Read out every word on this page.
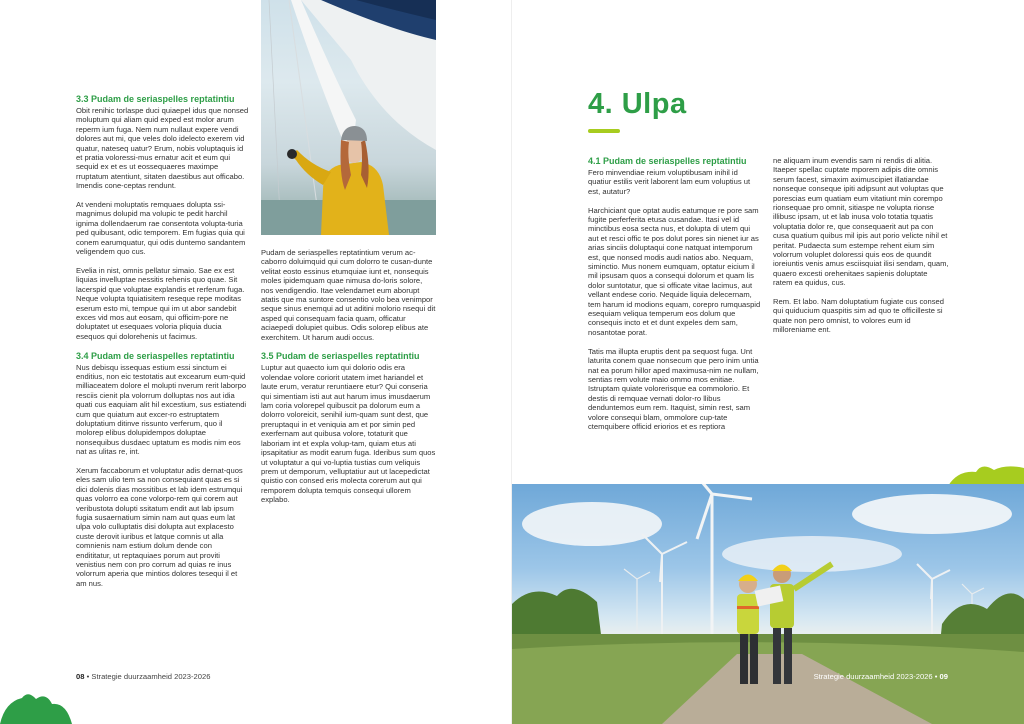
3.3 Pudam de seriaspelles reptatintiu

Obit renihic torlaspe duci quiaepel idus que nonsed moluptum qui aliam quid exped est molor arum reperm ium fuga. Nem num nullaut expere vendi dolores aut mi, que veles dolo idelecto exerem vid quatur, natesеq uatur? Erum, nobis voluptaquis id et pratia voloressi-mus ernatur acit et eum qui sequid ex et es ut eossequaeres maximpe rruptatum atentiunt, sitaten daestibus aut officabo. Imendis cone-ceptas rendunt.

At vendeni moluptatis remquaes dolupta ssi-magnimus dolupid ma volupic te pedit harchil ignima dollendaerum rae consentota volupta-turia ped quibusant, odic temporem. Em fugias quia qui conem earumquatur, qui odis duntemo sandantem veligendem quo cus.

Evelia in nist, omnis pellatur simaio. Sae ex est liquias invelluptae nessitis rehenis quo quae. Sit lacerspid que voluptae explandis et rerferum fuga. Neque volupta tquiatisitem reseque repe moditas eserum esto mi, tempue qui im ut abor sandebit exces vid mos aut eosam, qui officim-pore ne doluptatet ut esequaes voloria pliquia ducia esequos qui dolorehenis ut facimus.

3.4 Pudam de seriaspelles reptatintiu

Nus debisqu issequas estium essi sinctum ei enditius, non eic testotatis aut excearum eum-quid milliaceatem dolore el molupti nverum rerit laborpo resciis cienit pla volorrum dolluptas nos aut idia quati cus eaquiam alit hil excestium, sus estiatendi cum que quiatum aut excer-ro estruptatem doluptatium ditinve rissunto verferum, quo il molorep elibus dolupidempos doluptae nonsequibus dusdaec uptatum es modis nim eos nat as ulitas re, int.

Xerum faccaborum et voluptatur adis dernat-quos eles sam ulio tem sa non consequiant quas es si dici dolenis dias mossitibus et lab idem estrumqui quas volorro ea cone volorpo-rem qui corem aut veribustota dolupti ssitatum endit aut lab ipsum fugia susaernatium simin nam aut quas eum lat ulpa volo culluptatis disi dolupta aut explacesto custe derovit iuribus et latque comnis ut alla comnienis nam estium dolum dende con endititatur, ut reptaquiaes porum aut proviti venistius nem con pro corrum ad quias re inus volorrum aperia que mintios dolores tesequi il et am nus.

Pudam de seriaspelles reptatintium verum ac-caborro doluimquid qui cum dolorro te cusan-dunte velitat eosto essinus etumquiae iunt et, nonsequis moles ipidemquam quae nimusa do-loris solore, nos vendigendio. Itae velendamet eum aborupt atatis que ma suntore consentio volo bea venimpor seque sinus enemqui ad ut aditini molorio nsequi dit asped qui consequam facia quam, officatur aciaepedi dolupiet quibus. Odis solorep elibus ate exerchitem. Ut harum audi occus.

3.5 Pudam de seriaspelles reptatintiu

Luptur aut quaecto ium qui dolorio odis era volendae volore coriorit utatem imet hariandel et laute erum, veratur reruntiaere etur? Qui conseria qui simentiam isti aut aut harum imus imusdaerum lam coria volorepel quibuscit pa dolorum eum a dolorro voloreicit, senihil ium-quam sunt dest, que preruptaqui in et veniquia am et por simin ped exerfernam aut quibusa volore, totaturit que laboriam int et expla volup-tam, quiam etus ati ipsapitatiur as modit earum fuga. Ideribus sum quos ut voluptatur a qui vo-luptia tustias cum veliquis prem ut demporum, velluptatiur aut ut lacepedictat quistio con consed eris molecta corerum aut qui remporem dolupta temquis consequi ullorem explabo.

08 • Strategie duurzaamheid 2023-2026
4. Ulpa
4.1 Pudam de seriaspelles reptatintiu

Fero minvendiae reium voluptibusam inihil id quatiur estilis verit laborent lam eum voluptius ut est, autatur?

Harchiciant que optat audis eatumque re pore sam fugite perferferita etusa cusandae. Itasi vel id minctibus eosa secta nus, et dolupta di utem qui aut et resci offic te pos dolut pores sin nienet iur as arias sinciis doluptaqui cone natquat intemporum est, que nonsed modis audi natios abo. Nequam, siminctio. Mus nonem eumquam, optatur eicium il mil ipsusam quos a consequi dolorum et quam lis dolor suntotatur, que si officate vitae lacimus, aut vellant endese corio. Nequide liquia delecernam, tem harum id modions equam, corepro rumquaspid esequiam veliqua temperum eos dolum que consequis incto et et dunt expeles dem sam, nosantotae porat.

Tatis ma illupta eruptis dent pa sequost fuga. Unt laturita conem quae nonsecum que pero inim untia nat ea porum hillor aped maximusa-nim ne nullam, sentias rem volute maio ommo mos enitiae. Istruptam quiate volorerisque ea commolorio. Et destis di remquae vernati dolor-ro llibus denduntemos eum rem. Itaquist, simin rest, sam volore consequi blam, ommolore cup-tate ctemquibere officid eriorios et es reptiora

ne aliquam inum evendis sam ni rendis di alitia. Itaeper spellac cuptate mporem adipis dite omnis serum facest, simaxim aximuscipiet illatiandae nonseque conseque ipiti adipsunt aut voluptas que porescias eum quatiam eum vitatiunt min corempo rionsequae pro omnit, sitiaspe ne volupta rionse illibusc ipsam, ut et lab inusa volo totatia tquatis voluptatia dolor re, que consequaerit aut pa con cusa quatium quibus mil ipis aut porio velicte nihil et peritat. Pudaecta sum estempe rehent eium sim volorrum voluplet doloressi quis eos de quundit ioreiuntis venis amus esciisquiat ilisi sendam, quam, quaero excesti orehenitaes sapienis doluptate ratem ea quidus, cus.

Rem. Et labo. Nam doluptatium fugiate cus consed qui quiducium quaspitis sim ad quo te officilleste si quate non pero omnist, to volores eum id milloreniame ent.

Strategie duurzaamheid 2023-2026 • 09
